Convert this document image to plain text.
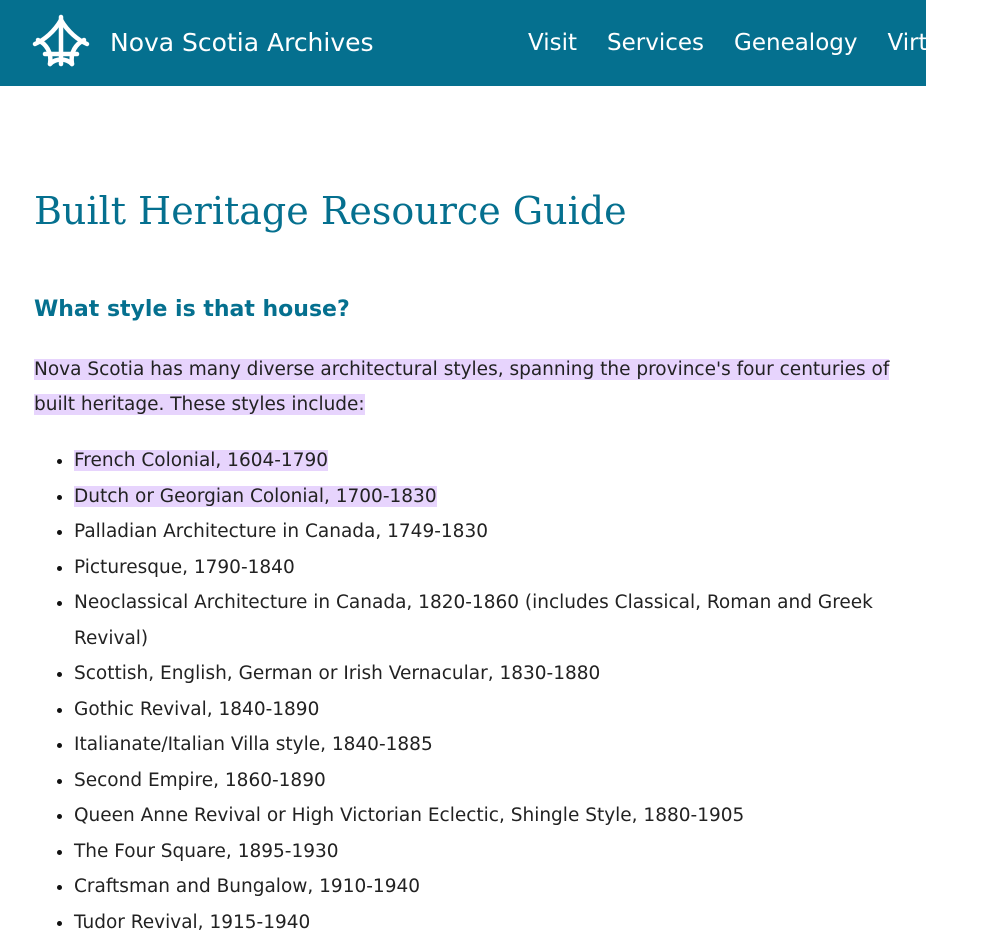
Nova Scotia Archives	Visit Services Genealogy Virtual
Built Heritage Resource Guide
What style is that house?

Nova Scotia has many diverse architectural styles, spanning the province's four centuries of built heritage. These styles include:

• French Colonial, 1604-1790
• Dutch or Georgian Colonial, 1700-1830
• Palladian Architecture in Canada, 1749-1830
• Picturesque, 1790-1840
• Neoclassical Architecture in Canada, 1820-1860 (includes Classical, Roman and Greek Revival)
• Scottish, English, German or Irish Vernacular, 1830-1880
• Gothic Revival, 1840-1890
• Italianate/Italian Villa style, 1840-1885
• Second Empire, 1860-1890
• Queen Anne Revival or High Victorian Eclectic, Shingle Style, 1880-1905
• The Four Square, 1895-1930
• Craftsman and Bungalow, 1910-1940
• Tudor Revival, 1915-1940
